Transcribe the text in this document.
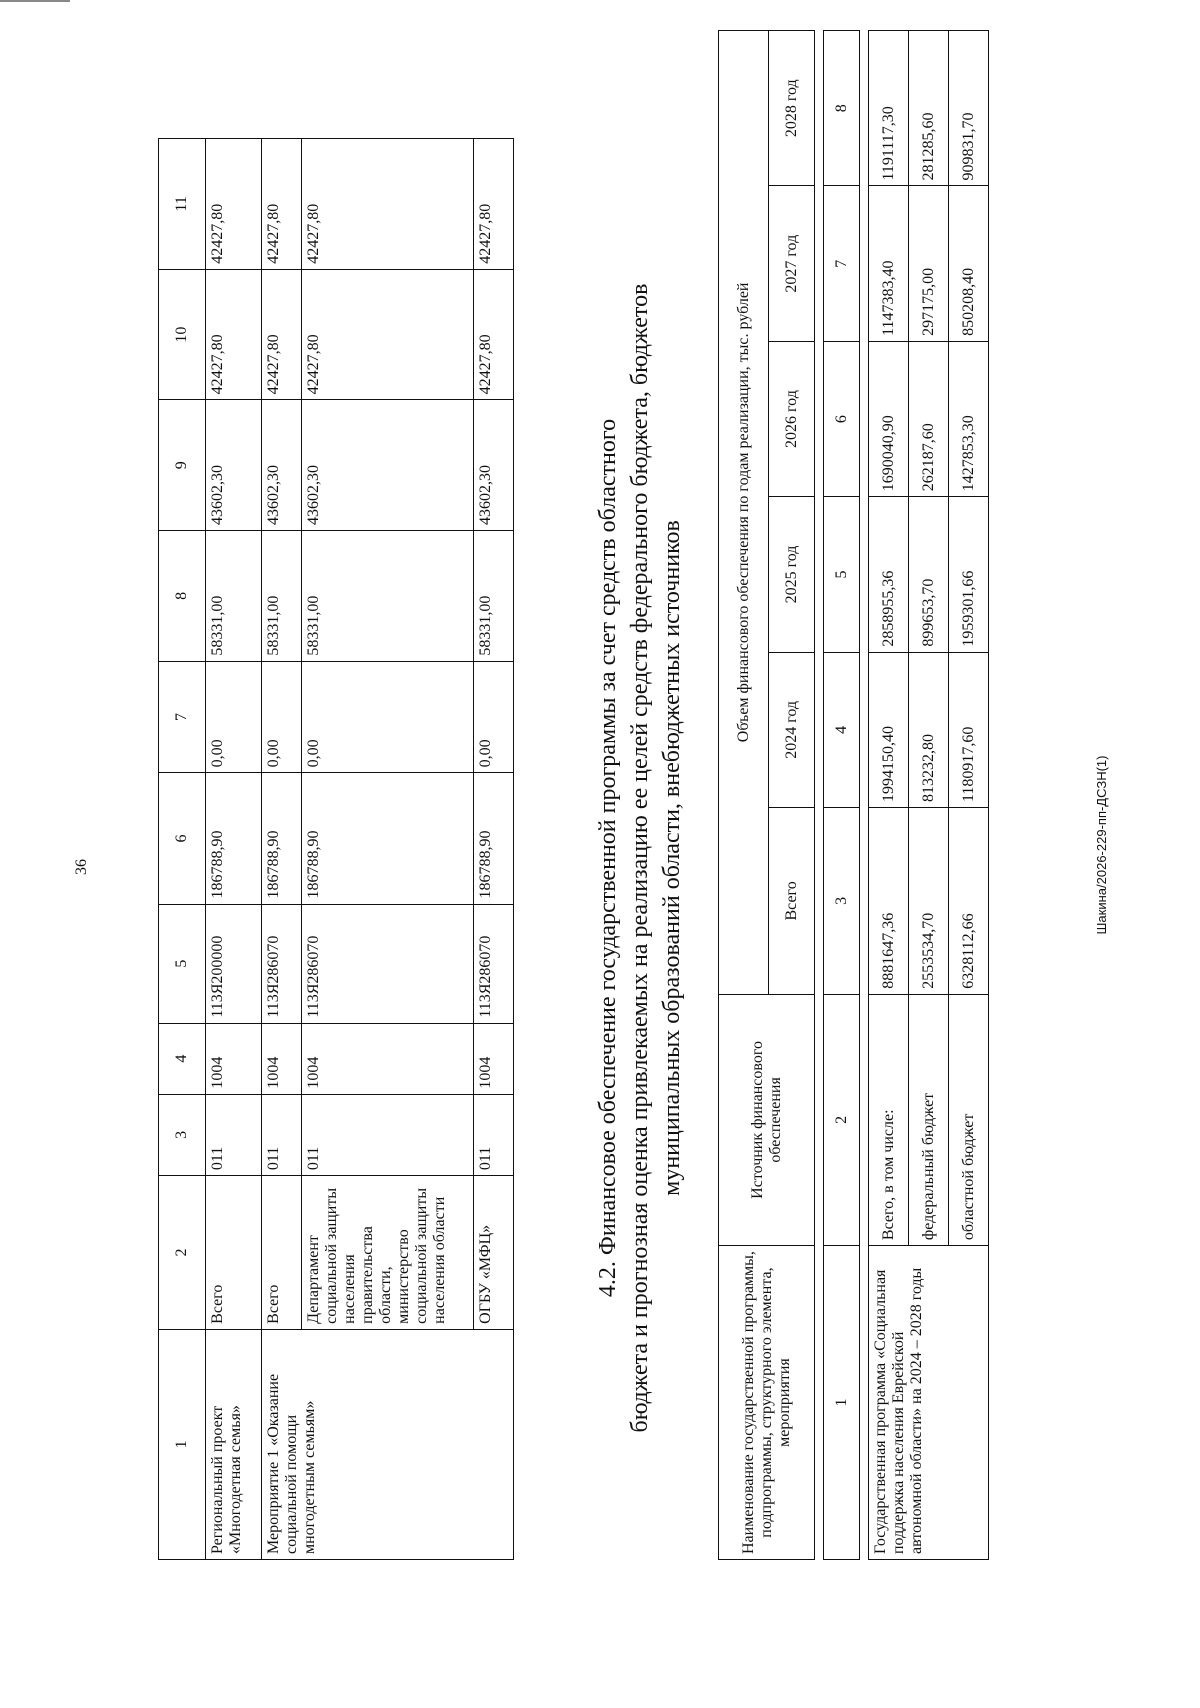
36	Шакина/2026-229-пп-ДСЗН(1)
1	2	3	4	5	6	7	8	9	10	11
Региональный проект «Многодетная семья»	Всего	011	1004	113Я200000	186788,90	0,00	58331,00	43602,30	42427,80	42427,80
Мероприятие 1 «Оказание социальной помощи многодетным семьям»	Всего	011	1004	113Я286070	186788,90	0,00	58331,00	43602,30	42427,80	42427,80
	Департамент социальной защиты населения правительства области, министерство социальной защиты населения области	011	1004	113Я286070	186788,90	0,00	58331,00	43602,30	42427,80	42427,80
	ОГБУ «МФЦ»	011	1004	113Я286070	186788,90	0,00	58331,00	43602,30	42427,80	42427,80
4.2. Финансовое обеспечение государственной программы за счет средств областного бюджета и прогнозная оценка привлекаемых на реализацию ее целей средств федерального бюджета, бюджетов муниципальных образований области, внебюджетных источников
Наименование государственной программы, подпрограммы, структурного элемента, мероприятия	Источник финансового обеспечения	Объем финансового обеспечения по годам реализации, тыс. рублей					
		Всего	2024 год	2025 год	2026 год	2027 год	2028 год

1	2	3	4	5	6	7	8

Государственная программа «Социальная поддержка населения Еврейской автономной области» на 2024 – 2028 годы	Всего, в том числе:	8881647,36	1994150,40	2858955,36	1690040,90	1147383,40	1191117,30
	федеральный бюджет	2553534,70	813232,80	899653,70	262187,60	297175,00	281285,60
	областной бюджет	6328112,66	1180917,60	1959301,66	1427853,30	850208,40	909831,70
